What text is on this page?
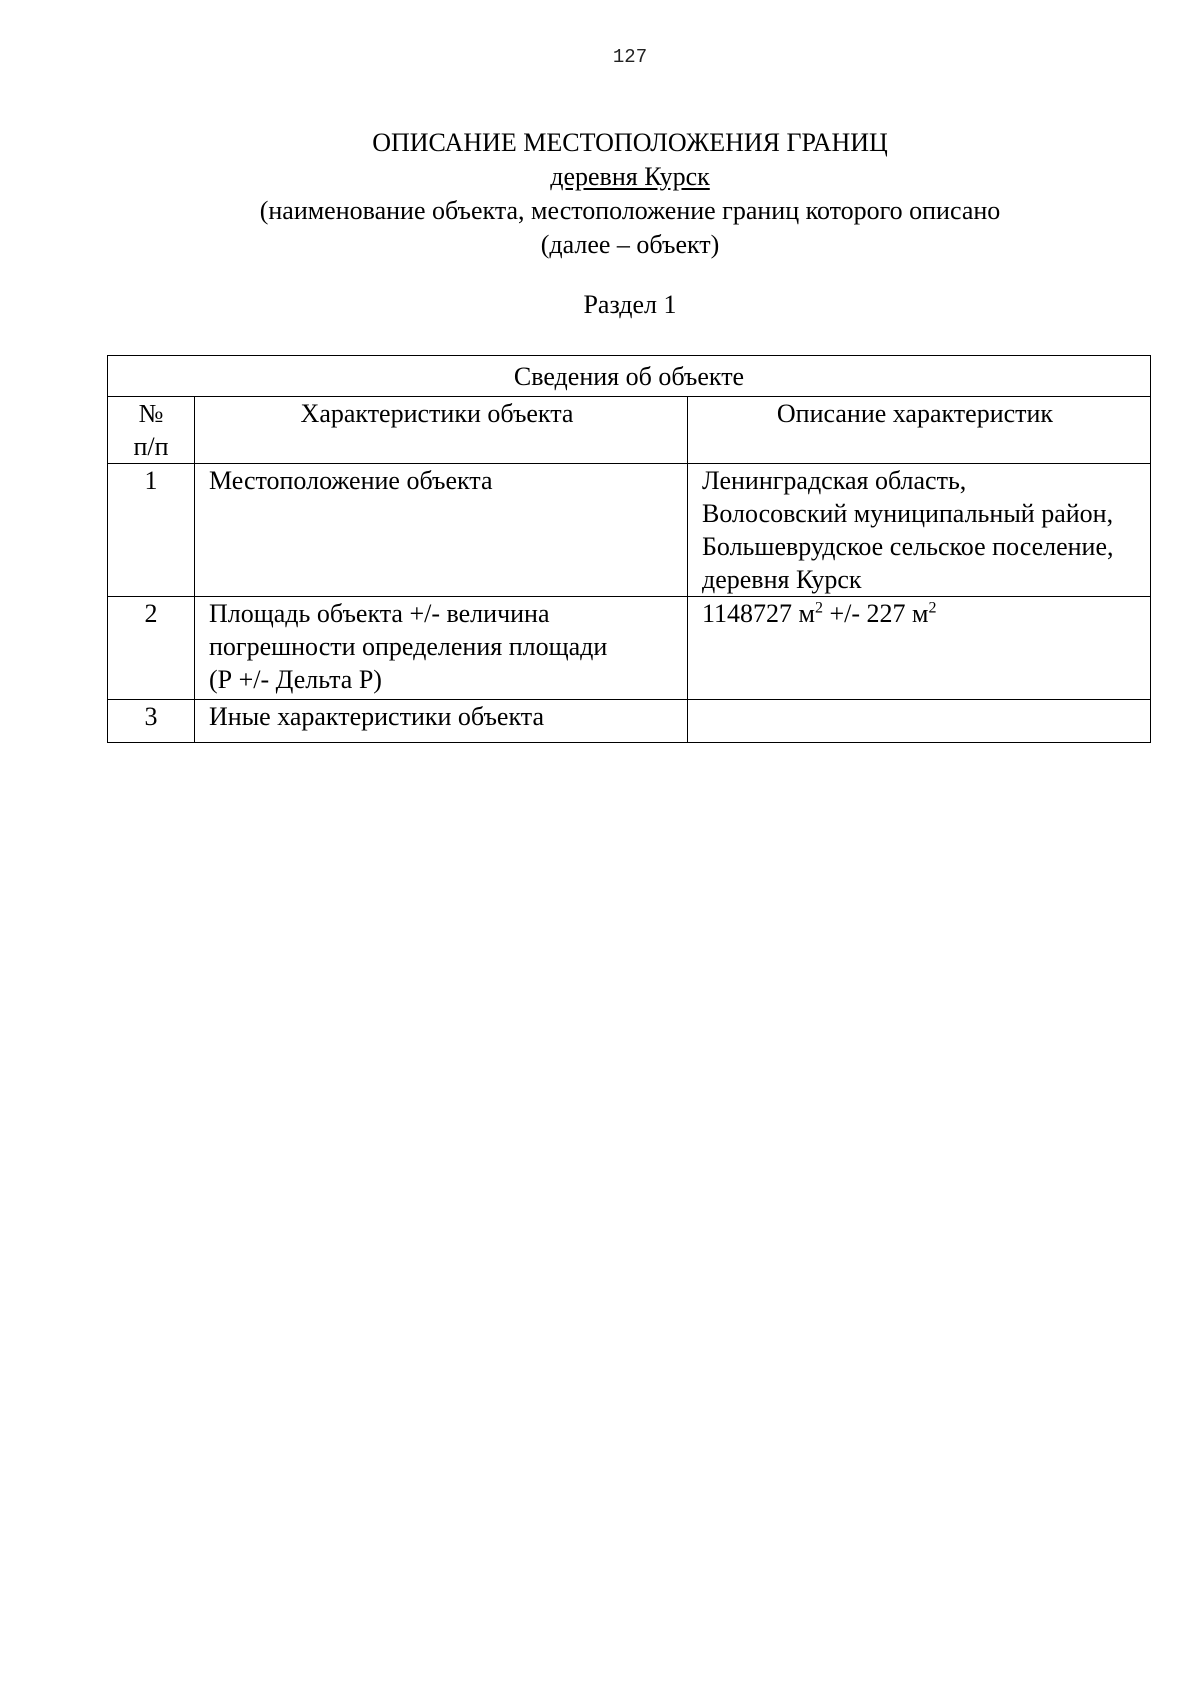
127
ОПИСАНИЕ МЕСТОПОЛОЖЕНИЯ ГРАНИЦ
деревня Курск
(наименование объекта, местоположение границ которого описано
(далее – объект)
Раздел 1
Сведения об объекте		

№
п/п	Характеристики объекта	Описание характеристик
1	Местоположение объекта	Ленинградская область,
Волосовский муниципальный район,
Большеврудское сельское поселение,
деревня Курск

2	Площадь объекта +/- величина
погрешности определения площади
(Р +/- Дельта Р)	1148727 $м^2$ +/- 227 $м^2$
3	Иные характеристики объекта	
